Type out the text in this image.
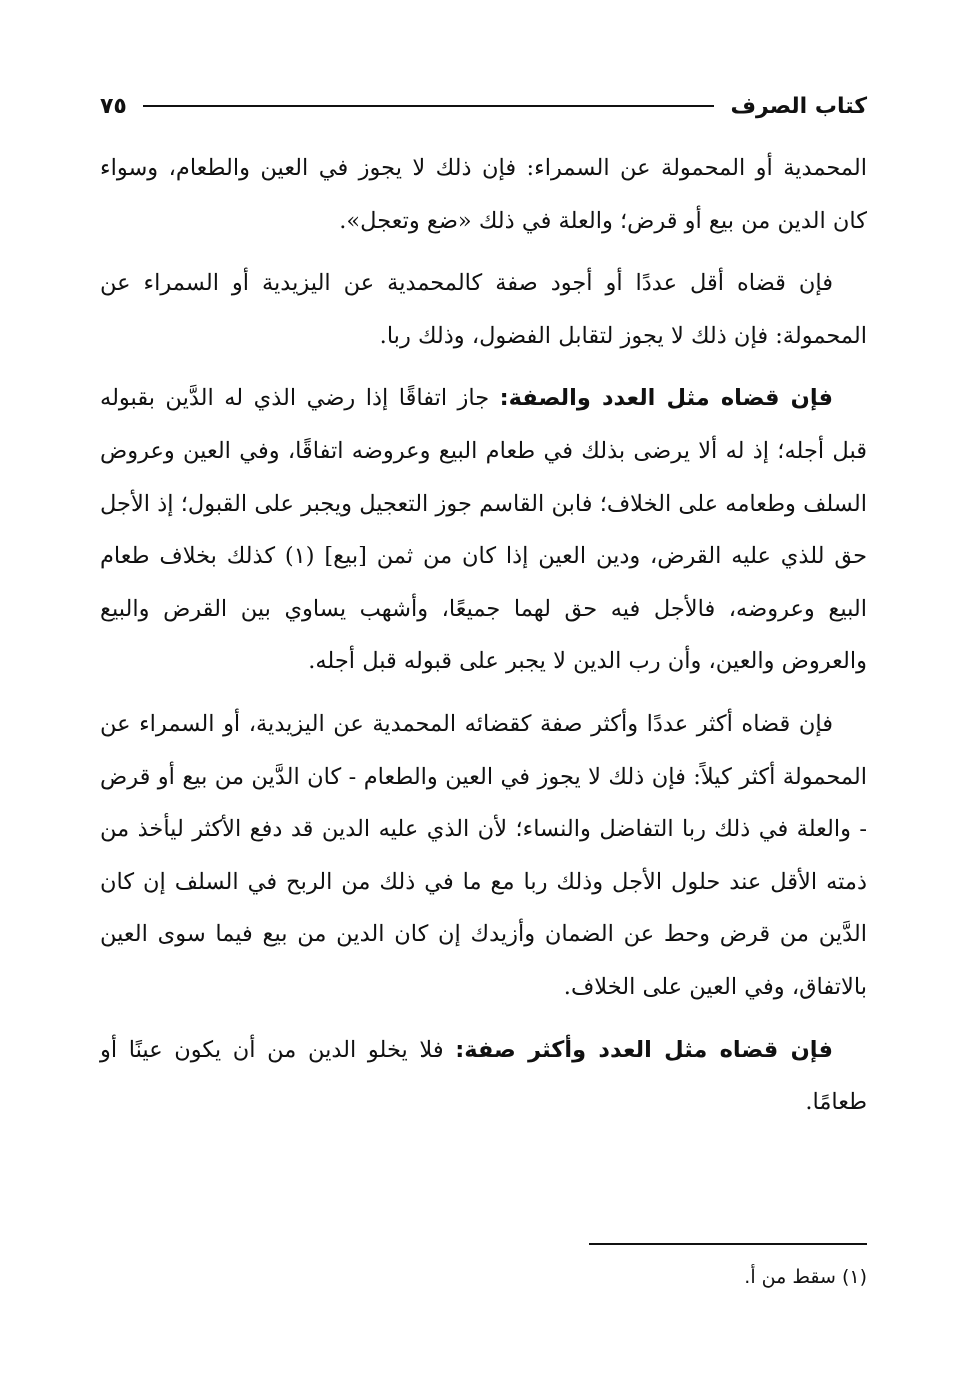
كتاب الصرف
٧٥

المحمدية أو المحمولة عن السمراء: فإن ذلك لا يجوز في العين والطعام، وسواء كان الدين من بيع أو قرض؛ والعلة في ذلك «ضع وتعجل».

فإن قضاه أقل عددًا أو أجود صفة كالمحمدية عن اليزيدية أو السمراء عن المحمولة: فإن ذلك لا يجوز لتقابل الفضول، وذلك ربا.

فإن قضاه مثل العدد والصفة: جاز اتفاقًا إذا رضي الذي له الدَّين بقبوله قبل أجله؛ إذ له ألا يرضى بذلك في طعام البيع وعروضه اتفاقًا، وفي العين وعروض السلف وطعامه على الخلاف؛ فابن القاسم جوز التعجيل ويجبر على القبول؛ إذ الأجل حق للذي عليه القرض، ودين العين إذا كان من ثمن [بيع] (١) كذلك بخلاف طعام البيع وعروضه، فالأجل فيه حق لهما جميعًا، وأشهب يساوي بين القرض والبيع والعروض والعين، وأن رب الدين لا يجبر على قبوله قبل أجله.

فإن قضاه أكثر عددًا وأكثر صفة كقضائه المحمدية عن اليزيدية، أو السمراء عن المحمولة أكثر كيلاً: فإن ذلك لا يجوز في العين والطعام - كان الدَّين من بيع أو قرض - والعلة في ذلك ربا التفاضل والنساء؛ لأن الذي عليه الدين قد دفع الأكثر ليأخذ من ذمته الأقل عند حلول الأجل وذلك ربا مع ما في ذلك من الربح في السلف إن كان الدَّين من قرض وحط عن الضمان وأزيدك إن كان الدين من بيع فيما سوى العين بالاتفاق، وفي العين على الخلاف.

فإن قضاه مثل العدد وأكثر صفة: فلا يخلو الدين من أن يكون عينًا أو طعامًا.

(١) سقط من أ.
